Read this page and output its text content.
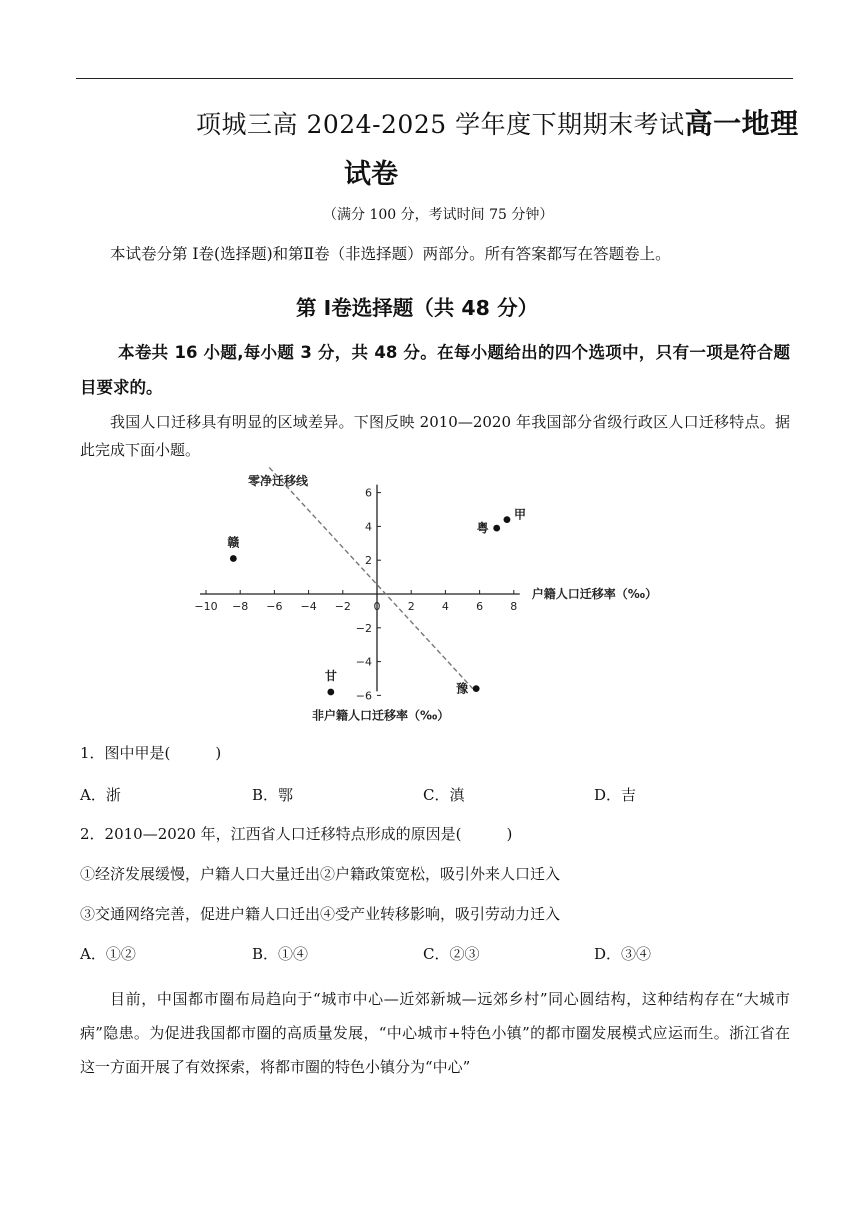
项城三高 2024-2025 学年度下期期末考试高一地理
试卷
（满分 100 分，考试时间 75 分钟）
本试卷分第 Ⅰ卷(选择题)和第Ⅱ卷（非选择题）两部分。所有答案都写在答题卷上。
第 Ⅰ卷选择题（共 48 分）
本卷共 16 小题,每小题 3 分，共 48 分。在每小题给出的四个选项中，只有一项是符合题目要求的。
我国人口迁移具有明显的区域差异。下图反映 2010—2020 年我国部分省级行政区人口迁移特点。据此完成下面小题。
−10 −8 −6 −4 −2 0 2 4 6 8
−6
−4
−2
2
4
6
甲
粤
赣
甘
豫
零净迁移线
户籍人口迁移率（‰）
非户籍人口迁移率（‰）
1．图中甲是(　　　)
A．浙	B．鄂	C．滇	D．吉
2．2010—2020 年，江西省人口迁移特点形成的原因是(　　　)
①经济发展缓慢，户籍人口大量迁出②户籍政策宽松，吸引外来人口迁入
③交通网络完善，促进户籍人口迁出④受产业转移影响，吸引劳动力迁入
A．①②	B．①④	C．②③	D．③④
目前，中国都市圈布局趋向于“城市中心—近郊新城—远郊乡村”同心圆结构，这种结构存在“大城市病”隐患。为促进我国都市圈的高质量发展，“中心城市+特色小镇”的都市圈发展模式应运而生。浙江省在这一方面开展了有效探索，将都市圈的特色小镇分为“中心”
